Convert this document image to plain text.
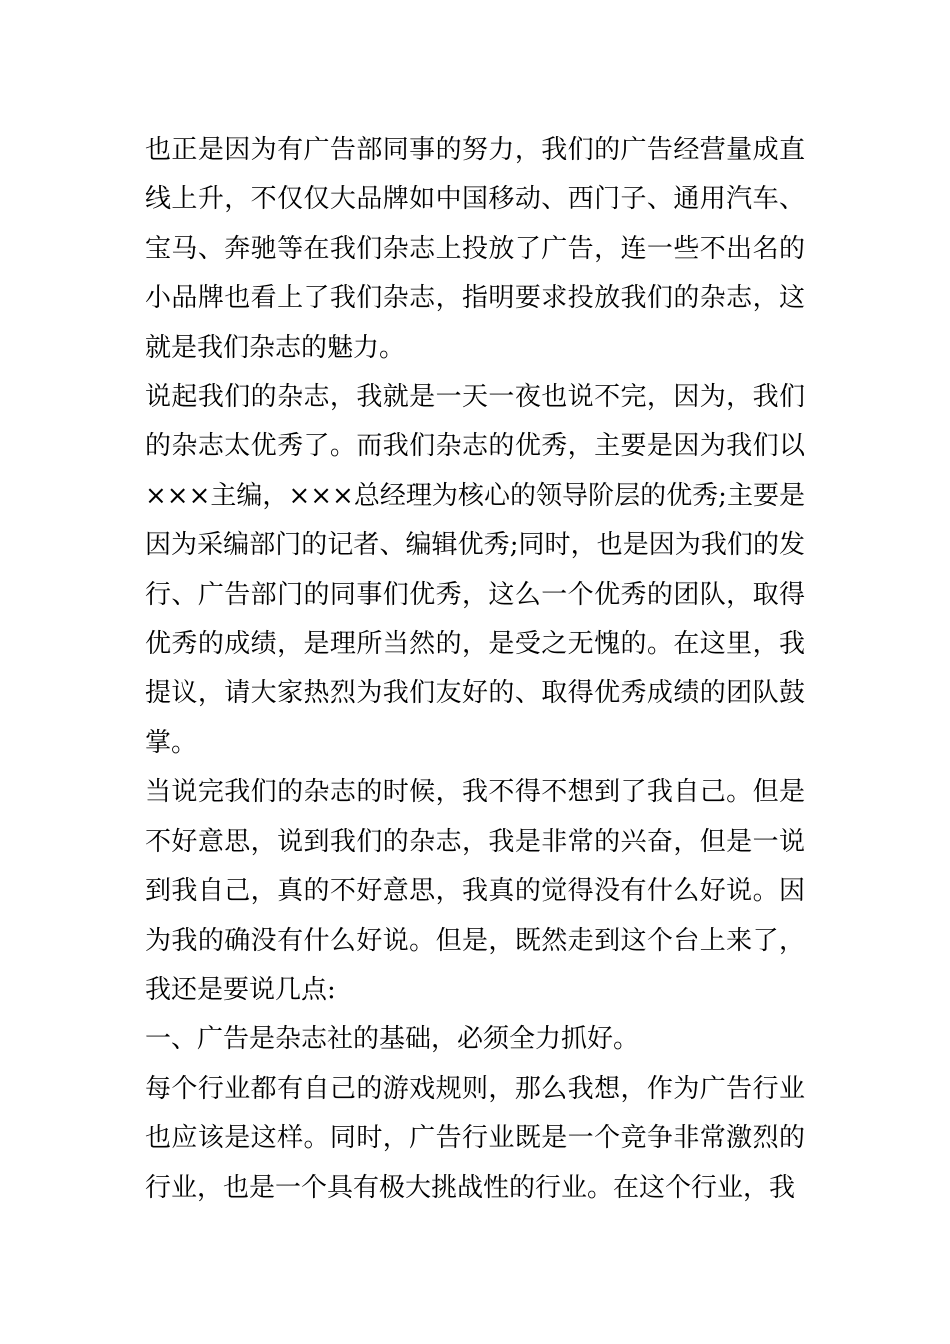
也正是因为有广告部同事的努力，我们的广告经营量成直线上升，不仅仅大品牌如中国移动、西门子、通用汽车、宝马、奔驰等在我们杂志上投放了广告，连一些不出名的小品牌也看上了我们杂志，指明要求投放我们的杂志，这就是我们杂志的魅力。

说起我们的杂志，我就是一天一夜也说不完，因为，我们的杂志太优秀了。而我们杂志的优秀，主要是因为我们以×××主编，×××总经理为核心的领导阶层的优秀;主要是因为采编部门的记者、编辑优秀;同时，也是因为我们的发行、广告部门的同事们优秀，这么一个优秀的团队，取得优秀的成绩，是理所当然的，是受之无愧的。在这里，我提议，请大家热烈为我们友好的、取得优秀成绩的团队鼓掌。

当说完我们的杂志的时候，我不得不想到了我自己。但是不好意思，说到我们的杂志，我是非常的兴奋，但是一说到我自己，真的不好意思，我真的觉得没有什么好说。因为我的确没有什么好说。但是，既然走到这个台上来了，我还是要说几点:

一、广告是杂志社的基础，必须全力抓好。

每个行业都有自己的游戏规则，那么我想，作为广告行业也应该是这样。同时，广告行业既是一个竞争非常激烈的行业，也是一个具有极大挑战性的行业。在这个行业，我
